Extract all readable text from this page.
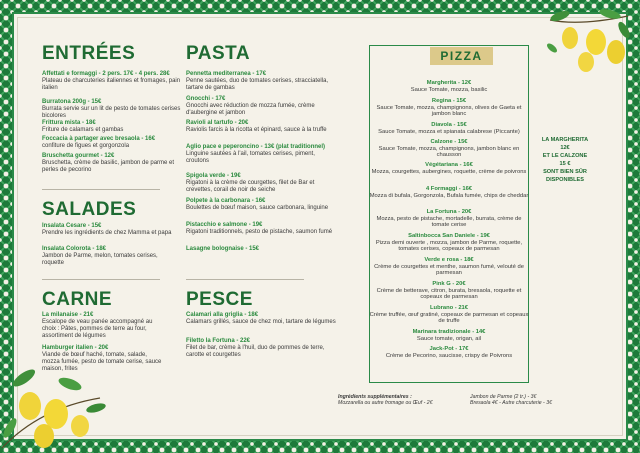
ENTRÉES
Affettati e formaggi - 2 pers. 17€ - 4 pers. 28€
Plateau de charcuteries italiennes et fromages, pain italien
Burratona 200g - 15€
Burrata servie sur un lit de pesto de tomates cerises bicolores
Frittura mista - 18€
Friture de calamars et gambas
Foccacia à partager avec bresaola - 16€
confiture de figues et gorgonzola
Bruschetta gourmet - 12€
Bruschetta, crème de basilic, jambon de parme et perles de pecorino
SALADES
Insalata Cesare - 15€
Prendre les ingrédients de chez Mamma et papa
Insalata Colorota - 18€
Jambon de Parme, melon, tomates cerises, roquette
CARNE
La milanaise - 21€
Escalope de veau panée accompagné au choix : Pâtes, pommes de terre au four, assortiment de légumes
Hamburger italien - 20€
Viande de bœuf haché, tomate, salade, mozza fumée, pesto de tomate cerise, sauce maison, frites
PASTA
Pennetta mediterranea - 17€
Penne sautées, duo de tomates cerises, stracciatella, tartare de gambas
Gnocchi - 17€
Gnocchi avec réduction de mozza fumée, crème d'aubergine et jambon
Ravioli al tartufo - 20€
Raviolis farcis à la ricotta et épinard, sauce à la truffe
Aglio pace e peperoncino - 13€ (plat traditionnel)
Linguine sautées à l'ail, tomates cerises, piment, croutons
Spigola verde - 19€
Rigatoni à la crème de courgettes, filet de Bar et crevettes, corail de noir de seiche
Polpete à la carbonara - 16€
Boulettes de bœuf maison, sauce carbonara, linguine
Pistacchio e salmone - 19€
Rigatoni traditionnels, pesto de pistache, saumon fumé
Lasagne bolognaise - 15€
PESCE
Calamari alla griglia - 18€
Calamars grillés, sauce de chez moi, tartare de légumes
Filetto la Fortuna - 22€
Filet de bar, crème à l'huil, duo de pommes de terre, carotte et courgettes
PIZZA
Margherita - 12€
Sauce Tomate, mozza, basilic
Regina - 15€
Sauce Tomate, mozza, champignons, olives de Gaeta et jambon blanc
Diavola - 15€
Sauce Tomate, mozza et spianata calabrese (Piccante)
Calzone - 15€
Sauce Tomate, mozza, champignons, jambon blanc en chausson
Végétariana - 16€
Mozza, courgettes, aubergines, roquette, crème de poivrons
4 Formaggi - 16€
Mozza di bufala, Gorgonzola, Bufala fumée, chips de cheddar
La Fortuna - 20€
Mozza, pesto de pistache, mortadelle, burrata, crème de tomate cerise
Saltinbocca San Daniele - 19€
Pizza demi ouverte , mozza, jambon de Parme, roquette, tomates cerises, copeaux de parmesan
Verde e rosa - 18€
Crème de courgettes et menthe, saumon fumé, velouté de parmesan
Pink G - 20€
Crème de betterave, citron, burata, bresaola, roquette et copeaux de parmesan
Lubrano - 21€
Crème truffée, œuf gratiné, copeaux de parmesan et copeaux de truffe
Marinara tradizionale - 14€
Sauce tomate, origan, ail
Jack-Pot - 17€
Crème de Pecorino, saucisse, crispy de Poivrons
LA MARGHERITA
12€
ET LE CALZONE
15 €
SONT BIEN SÛR
DISPONIBLES
Ingrédients supplémentaires :
Mozzarella ou autre fromage ou Œuf - 2€
Jambon de Parme (2 tr.) - 3€
Bresaola 4€ - Autre charcuterie - 3€
